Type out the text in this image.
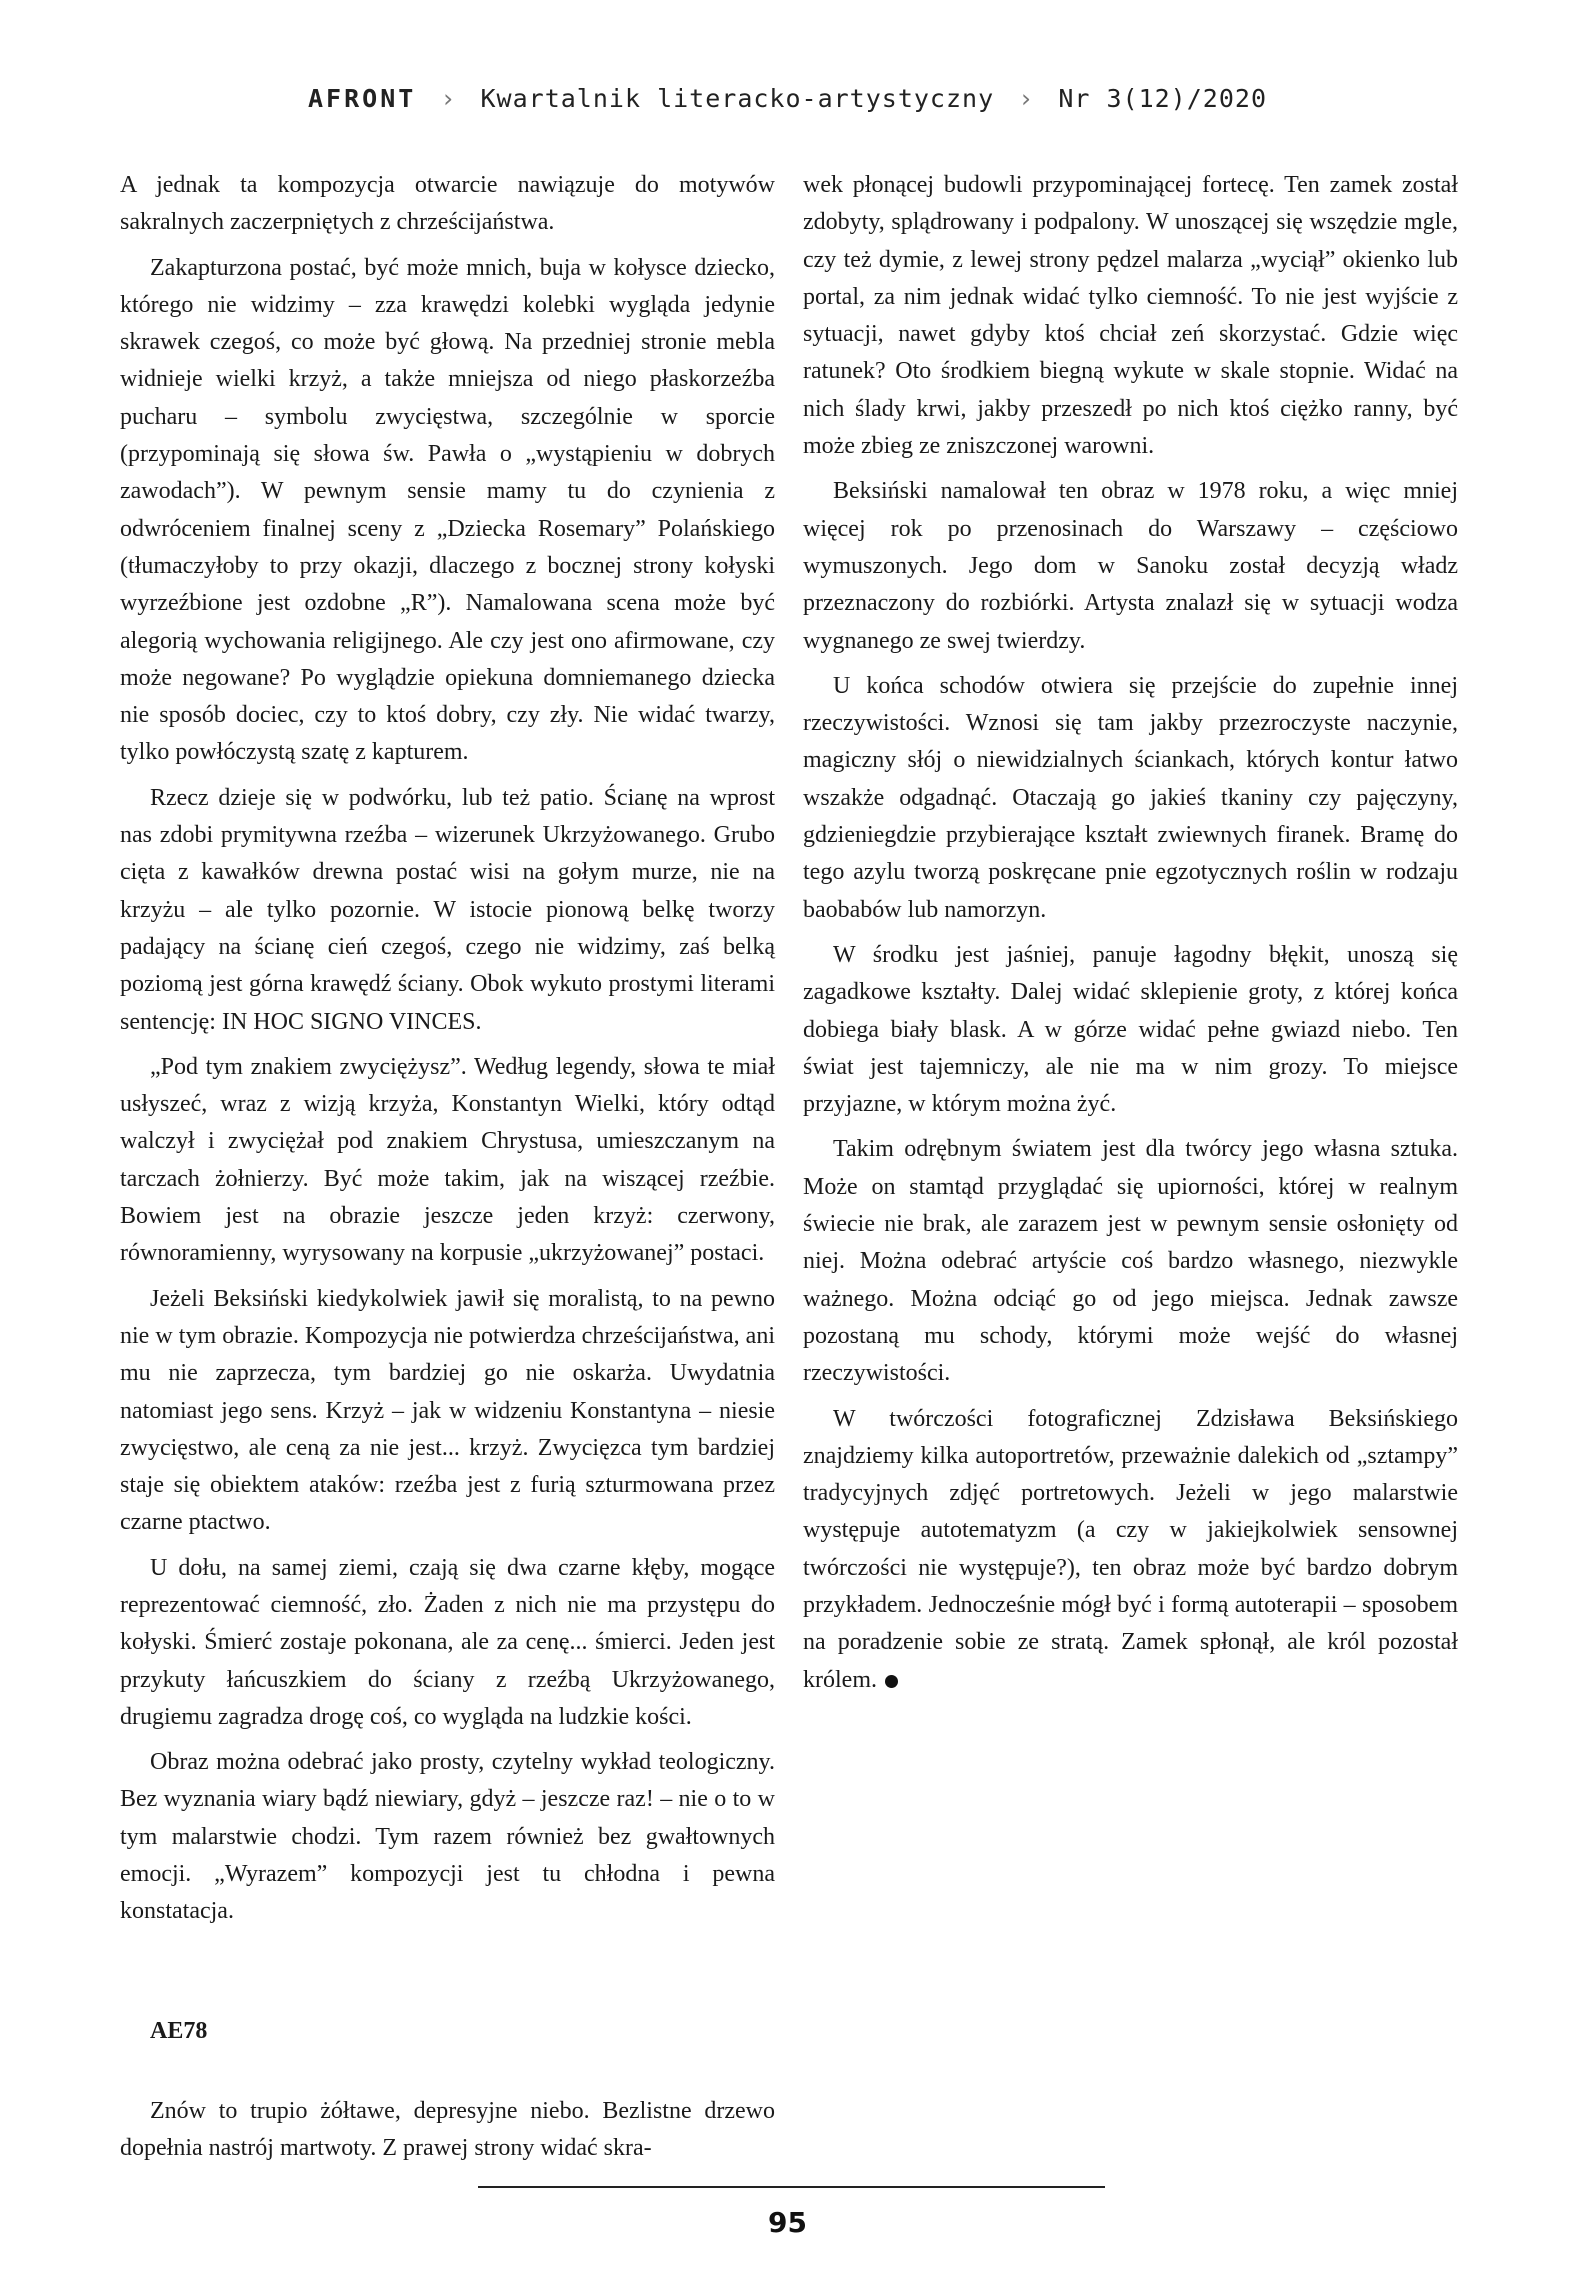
AFRONT › Kwartalnik literacko-artystyczny › Nr 3(12)/2020

A jednak ta kompozycja otwarcie nawiązuje do motywów sakralnych zaczerpniętych z chrześcijaństwa.

Zakapturzona postać, być może mnich, buja w kołysce dziecko, którego nie widzimy – zza krawędzi kolebki wygląda jedynie skrawek czegoś, co może być głową. Na przedniej stronie mebla widnieje wielki krzyż, a także mniejsza od niego płaskorzeźba pucharu – symbolu zwycięstwa, szczególnie w sporcie (przypominają się słowa św. Pawła o „wystąpieniu w dobrych zawodach”). W pewnym sensie mamy tu do czynienia z odwróceniem finalnej sceny z „Dziecka Rosemary” Polańskiego (tłumaczyłoby to przy okazji, dlaczego z bocznej strony kołyski wyrzeźbione jest ozdobne „R”). Namalowana scena może być alegorią wychowania religijnego. Ale czy jest ono afirmowane, czy może negowane? Po wyglądzie opiekuna domniemanego dziecka nie sposób dociec, czy to ktoś dobry, czy zły. Nie widać twarzy, tylko powłóczystą szatę z kapturem.

Rzecz dzieje się w podwórku, lub też patio. Ścianę na wprost nas zdobi prymitywna rzeźba – wizerunek Ukrzyżowanego. Grubo cięta z kawałków drewna postać wisi na gołym murze, nie na krzyżu – ale tylko pozornie. W istocie pionową belkę tworzy padający na ścianę cień czegoś, czego nie widzimy, zaś belką poziomą jest górna krawędź ściany. Obok wykuto prostymi literami sentencję: IN HOC SIGNO VINCES.

„Pod tym znakiem zwyciężysz”. Według legendy, słowa te miał usłyszeć, wraz z wizją krzyża, Konstantyn Wielki, który odtąd walczył i zwyciężał pod znakiem Chrystusa, umieszczanym na tarczach żołnierzy. Być może takim, jak na wiszącej rzeźbie. Bowiem jest na obrazie jeszcze jeden krzyż: czerwony, równoramienny, wyrysowany na korpusie „ukrzyżowanej” postaci.

Jeżeli Beksiński kiedykolwiek jawił się moralistą, to na pewno nie w tym obrazie. Kompozycja nie potwierdza chrześcijaństwa, ani mu nie zaprzecza, tym bardziej go nie oskarża. Uwydatnia natomiast jego sens. Krzyż – jak w widzeniu Konstantyna – niesie zwycięstwo, ale ceną za nie jest... krzyż. Zwycięzca tym bardziej staje się obiektem ataków: rzeźba jest z furią szturmowana przez czarne ptactwo.

U dołu, na samej ziemi, czają się dwa czarne kłęby, mogące reprezentować ciemność, zło. Żaden z nich nie ma przystępu do kołyski. Śmierć zostaje pokonana, ale za cenę... śmierci. Jeden jest przykuty łańcuszkiem do ściany z rzeźbą Ukrzyżowanego, drugiemu zagradza drogę coś, co wygląda na ludzkie kości.

Obraz można odebrać jako prosty, czytelny wykład teologiczny. Bez wyznania wiary bądź niewiary, gdyż – jeszcze raz! – nie o to w tym malarstwie chodzi. Tym razem również bez gwałtownych emocji. „Wyrazem” kompozycji jest tu chłodna i pewna konstatacja.

AE78

Znów to trupio żółtawe, depresyjne niebo. Bezlistne drzewo dopełnia nastrój martwoty. Z prawej strony widać skra-

wek płonącej budowli przypominającej fortecę. Ten zamek został zdobyty, splądrowany i podpalony. W unoszącej się wszędzie mgle, czy też dymie, z lewej strony pędzel malarza „wyciął” okienko lub portal, za nim jednak widać tylko ciemność. To nie jest wyjście z sytuacji, nawet gdyby ktoś chciał zeń skorzystać. Gdzie więc ratunek? Oto środkiem biegną wykute w skale stopnie. Widać na nich ślady krwi, jakby przeszedł po nich ktoś ciężko ranny, być może zbieg ze zniszczonej warowni.

Beksiński namalował ten obraz w 1978 roku, a więc mniej więcej rok po przenosinach do Warszawy – częściowo wymuszonych. Jego dom w Sanoku został decyzją władz przeznaczony do rozbiórki. Artysta znalazł się w sytuacji wodza wygnanego ze swej twierdzy.

U końca schodów otwiera się przejście do zupełnie innej rzeczywistości. Wznosi się tam jakby przezroczyste naczynie, magiczny słój o niewidzialnych ściankach, których kontur łatwo wszakże odgadnąć. Otaczają go jakieś tkaniny czy pajęczyny, gdzieniegdzie przybierające kształt zwiewnych firanek. Bramę do tego azylu tworzą poskręcane pnie egzotycznych roślin w rodzaju baobabów lub namorzyn.

W środku jest jaśniej, panuje łagodny błękit, unoszą się zagadkowe kształty. Dalej widać sklepienie groty, z której końca dobiega biały blask. A w górze widać pełne gwiazd niebo. Ten świat jest tajemniczy, ale nie ma w nim grozy. To miejsce przyjazne, w którym można żyć.

Takim odrębnym światem jest dla twórcy jego własna sztuka. Może on stamtąd przyglądać się upiorności, której w realnym świecie nie brak, ale zarazem jest w pewnym sensie osłonięty od niej. Można odebrać artyście coś bardzo własnego, niezwykle ważnego. Można odciąć go od jego miejsca. Jednak zawsze pozostaną mu schody, którymi może wejść do własnej rzeczywistości.

W twórczości fotograficznej Zdzisława Beksińskiego znajdziemy kilka autoportretów, przeważnie dalekich od „sztampy” tradycyjnych zdjęć portretowych. Jeżeli w jego malarstwie występuje autotematyzm (a czy w jakiejkolwiek sensownej twórczości nie występuje?), ten obraz może być bardzo dobrym przykładem. Jednocześnie mógł być i formą autoterapii – sposobem na poradzenie sobie ze stratą. Zamek spłonął, ale król pozostał królem.

95
